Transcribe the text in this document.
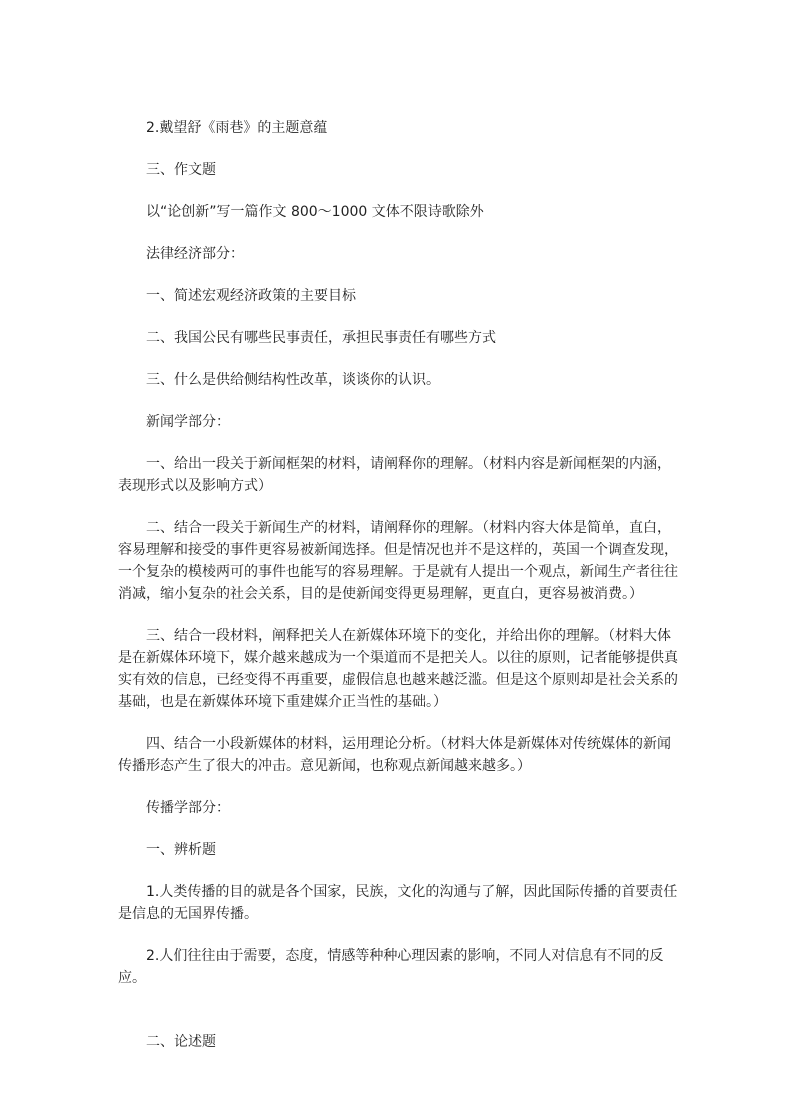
2.戴望舒《雨巷》的主题意蕴

三、作文题

以“论创新”写一篇作文 800～1000 文体不限诗歌除外

法律经济部分：

一、简述宏观经济政策的主要目标

二、我国公民有哪些民事责任，承担民事责任有哪些方式

三、什么是供给侧结构性改革，谈谈你的认识。

新闻学部分：

一、给出一段关于新闻框架的材料，请阐释你的理解。（材料内容是新闻框架的内涵，表现形式以及影响方式）

二、结合一段关于新闻生产的材料，请阐释你的理解。（材料内容大体是简单，直白，容易理解和接受的事件更容易被新闻选择。但是情况也并不是这样的，英国一个调查发现，一个复杂的模棱两可的事件也能写的容易理解。于是就有人提出一个观点，新闻生产者往往消减，缩小复杂的社会关系，目的是使新闻变得更易理解，更直白，更容易被消费。）

三、结合一段材料，阐释把关人在新媒体环境下的变化，并给出你的理解。（材料大体是在新媒体环境下，媒介越来越成为一个渠道而不是把关人。以往的原则，记者能够提供真实有效的信息，已经变得不再重要，虚假信息也越来越泛滥。但是这个原则却是社会关系的基础，也是在新媒体环境下重建媒介正当性的基础。）

四、结合一小段新媒体的材料，运用理论分析。（材料大体是新媒体对传统媒体的新闻传播形态产生了很大的冲击。意见新闻，也称观点新闻越来越多。）

传播学部分：

一、辨析题

1.人类传播的目的就是各个国家，民族，文化的沟通与了解，因此国际传播的首要责任是信息的无国界传播。

2.人们往往由于需要，态度，情感等种种心理因素的影响，不同人对信息有不同的反应。

二、论述题
